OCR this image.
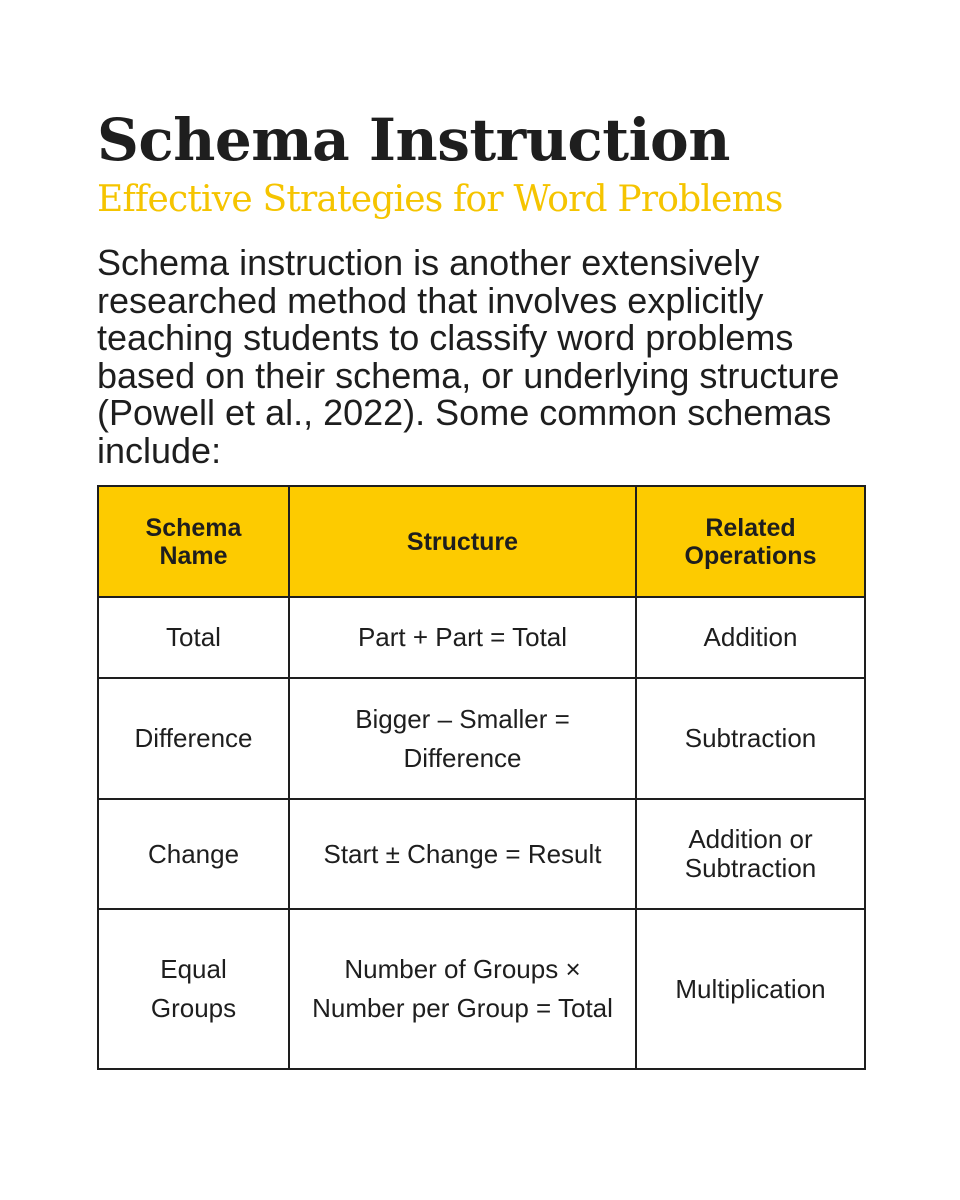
Schema Instruction
Effective Strategies for Word Problems

Schema instruction is another extensively researched method that involves explicitly teaching students to classify word problems based on their schema, or underlying structure (Powell et al., 2022). Some common schemas include:

Schema Name	Structure	Related Operations
Total	Part + Part = Total	Addition
Difference	Bigger – Smaller = Difference	Subtraction
Change	Start ± Change = Result	Addition or Subtraction
Equal Groups	Number of Groups × Number per Group = Total	Multiplication
